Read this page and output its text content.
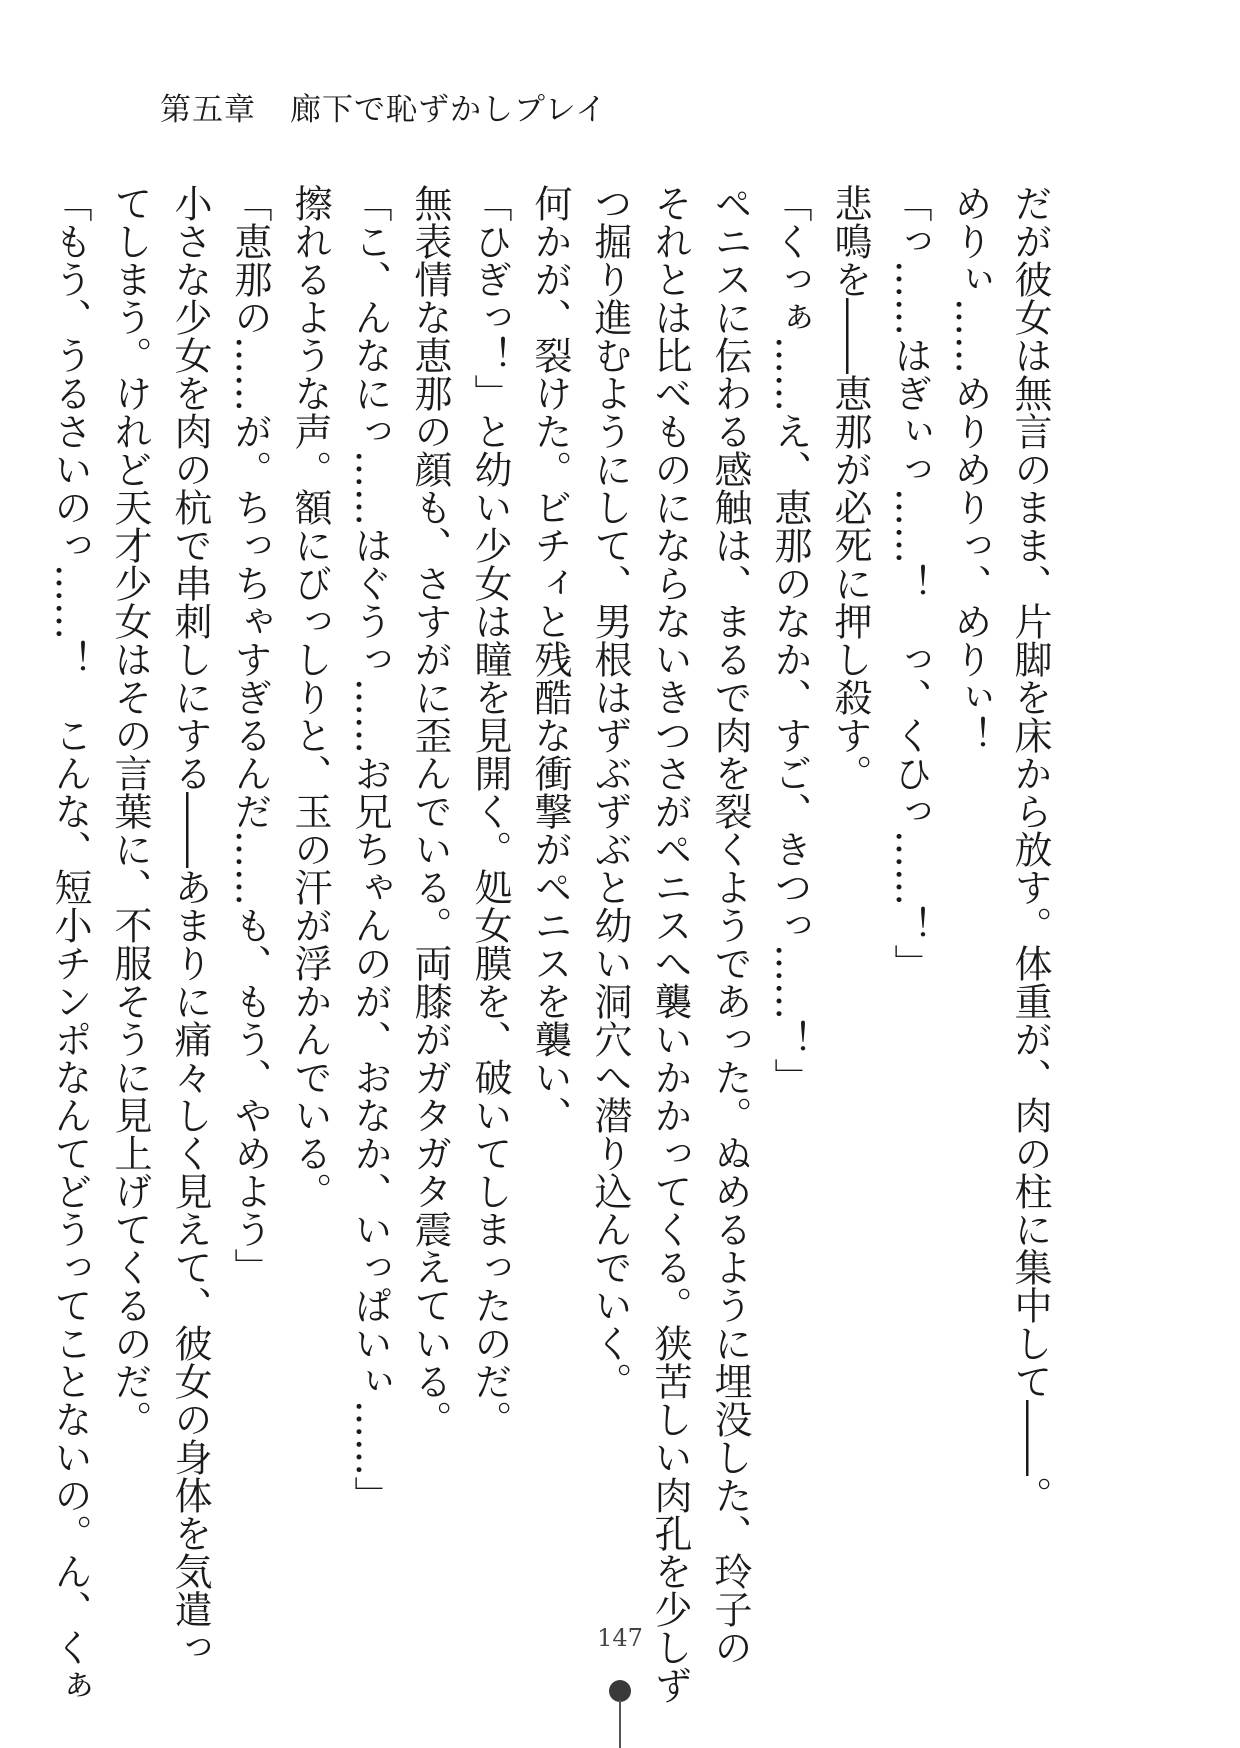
第五章 廊下で恥ずかしプレイ
だが彼女は無言のまま、片脚を床から放す。体重が、肉の柱に集中して――。
めりぃ……めりめりっ、めりぃ！
「っ……はぎぃっ……！　っ、くひっ……！」
悲鳴を――恵那が必死に押し殺す。
「くっぁ……え、恵那のなか、すご、きつっ……！」
ペニスに伝わる感触は、まるで肉を裂くようであった。ぬめるように埋没した、玲子の
それとは比べものにならないきつさがペニスへ襲いかかってくる。狭苦しい肉孔を少しず
つ掘り進むようにして、男根はずぶずぶと幼い洞穴へ潜り込んでいく。
何かが、裂けた。ビチィと残酷な衝撃がペニスを襲い、
「ひぎっ！」と幼い少女は瞳を見開く。処女膜を、破いてしまったのだ。
無表情な恵那の顔も、さすがに歪んでいる。両膝がガタガタ震えている。
「こ、んなにっ……はぐうっ……お兄ちゃんのが、おなか、いっぱいぃ……」
擦れるような声。額にびっしりと、玉の汗が浮かんでいる。
「恵那の……が。ちっちゃすぎるんだ……も、もう、やめよう」
小さな少女を肉の杭で串刺しにする――あまりに痛々しく見えて、彼女の身体を気遣っ
てしまう。けれど天才少女はその言葉に、不服そうに見上げてくるのだ。
「もう、うるさいのっ……！　こんな、短小チンポなんてどうってことないの。ん、くぁ	147
